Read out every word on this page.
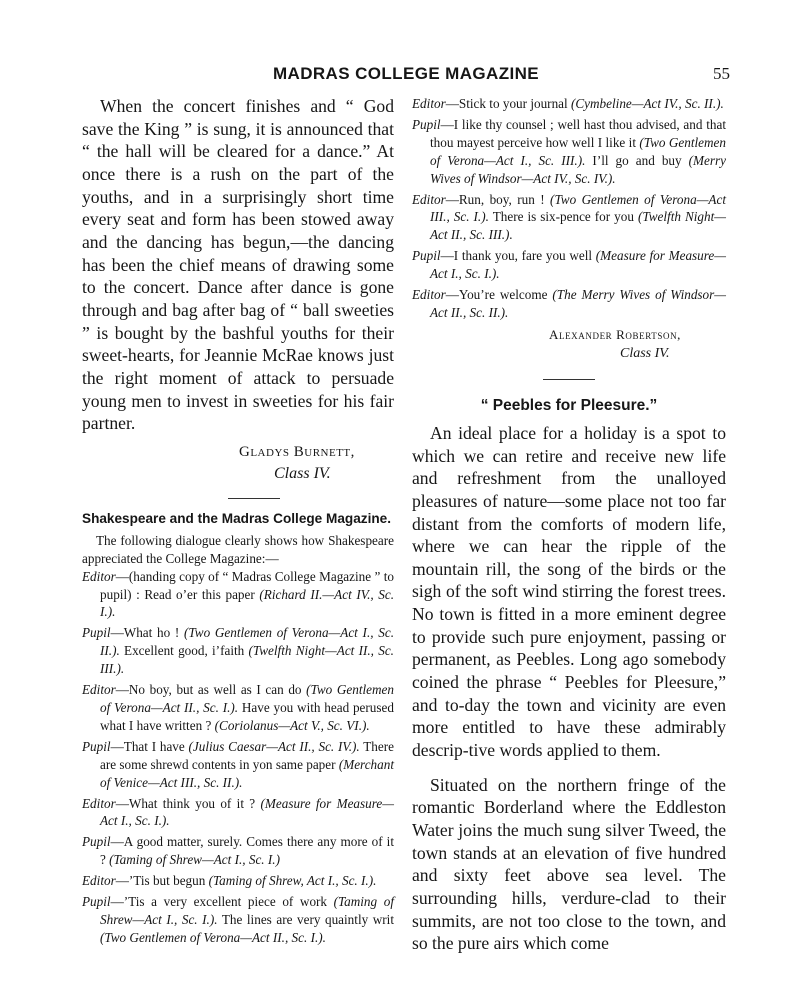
MADRAS COLLEGE MAGAZINE	55

When the concert finishes and “ God save the King ” is sung, it is announced that “ the hall will be cleared for a dance.” At once there is a rush on the part of the youths, and in a surprisingly short time every seat and form has been stowed away and the dancing has begun,—the dancing has been the chief means of drawing some to the concert. Dance after dance is gone through and bag after bag of “ ball sweeties ” is bought by the bashful youths for their sweet-hearts, for Jeannie McRae knows just the right moment of attack to persuade young men to invest in sweeties for his fair partner.

Gladys Burnett,
Class IV.
Shakespeare and the Madras College Magazine.

The following dialogue clearly shows how Shakespeare appreciated the College Magazine:—

Editor—(handing copy of “ Madras College Magazine ” to pupil) : Read o’er this paper (Richard II.—Act IV., Sc. I.).

Pupil—What ho ! (Two Gentlemen of Verona—Act I., Sc. II.). Excellent good, i’faith (Twelfth Night—Act II., Sc. III.).

Editor—No boy, but as well as I can do (Two Gentlemen of Verona—Act II., Sc. I.). Have you with head perused what I have written ? (Coriolanus—Act V., Sc. VI.).

Pupil—That I have (Julius Caesar—Act II., Sc. IV.). There are some shrewd contents in yon same paper (Merchant of Venice—Act III., Sc. II.).

Editor—What think you of it ? (Measure for Measure—Act I., Sc. I.).

Pupil—A good matter, surely. Comes there any more of it ? (Taming of Shrew—Act I., Sc. I.)

Editor—’Tis but begun (Taming of Shrew, Act I., Sc. I.).

Pupil—’Tis a very excellent piece of work (Taming of Shrew—Act I., Sc. I.). The lines are very quaintly writ (Two Gentlemen of Verona—Act II., Sc. I.).

Editor—Stick to your journal (Cymbeline—Act IV., Sc. II.).

Pupil—I like thy counsel ; well hast thou advised, and that thou mayest perceive how well I like it (Two Gentlemen of Verona—Act I., Sc. III.). I’ll go and buy (Merry Wives of Windsor—Act IV., Sc. IV.).

Editor—Run, boy, run ! (Two Gentlemen of Verona—Act III., Sc. I.). There is six-pence for you (Twelfth Night—Act II., Sc. III.).

Pupil—I thank you, fare you well (Measure for Measure—Act I., Sc. I.).

Editor—You’re welcome (The Merry Wives of Windsor—Act II., Sc. II.).

Alexander Robertson,
Class IV.
“ Peebles for Pleesure.”

An ideal place for a holiday is a spot to which we can retire and receive new life and refreshment from the unalloyed pleasures of nature—some place not too far distant from the comforts of modern life, where we can hear the ripple of the mountain rill, the song of the birds or the sigh of the soft wind stirring the forest trees. No town is fitted in a more eminent degree to provide such pure enjoyment, passing or permanent, as Peebles. Long ago somebody coined the phrase “ Peebles for Pleesure,” and to-day the town and vicinity are even more entitled to have these admirably descrip-tive words applied to them.

Situated on the northern fringe of the romantic Borderland where the Eddleston Water joins the much sung silver Tweed, the town stands at an elevation of five hundred and sixty feet above sea level. The surrounding hills, verdure-clad to their summits, are not too close to the town, and so the pure airs which come
